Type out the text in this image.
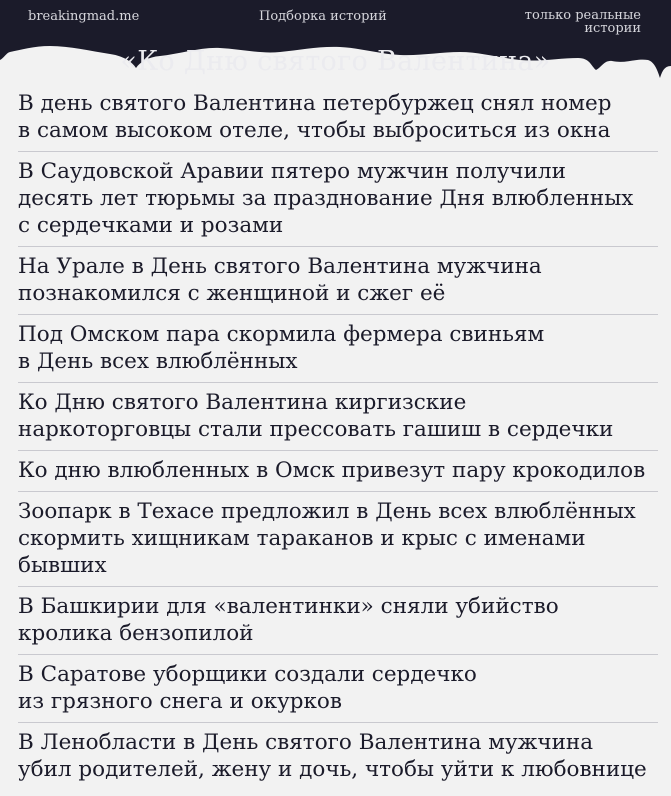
breakingmad.me	Подборка историй	только реальные
истории
«Ко Дню святого Валентина»
В день святого Валентина петербуржец снял номер
в самом высоком отеле, чтобы выброситься из окна
В Саудовской Аравии пятеро мужчин получили
десять лет тюрьмы за празднование Дня влюбленных
с сердечками и розами
На Урале в День святого Валентина мужчина
познакомился с женщиной и сжег её
Под Омском пара скормила фермера свиньям
в День всех влюблённых
Ко Дню святого Валентина киргизские
наркоторговцы стали прессовать гашиш в сердечки
Ко дню влюбленных в Омск привезут пару крокодилов
Зоопарк в Техасе предложил в День всех влюблённых
скормить хищникам тараканов и крыс с именами бывших
В Башкирии для «валентинки» сняли убийство
кролика бензопилой
В Саратове уборщики создали сердечко
из грязного снега и окурков
В Ленобласти в День святого Валентина мужчина
убил родителей, жену и дочь, чтобы уйти к любовнице
